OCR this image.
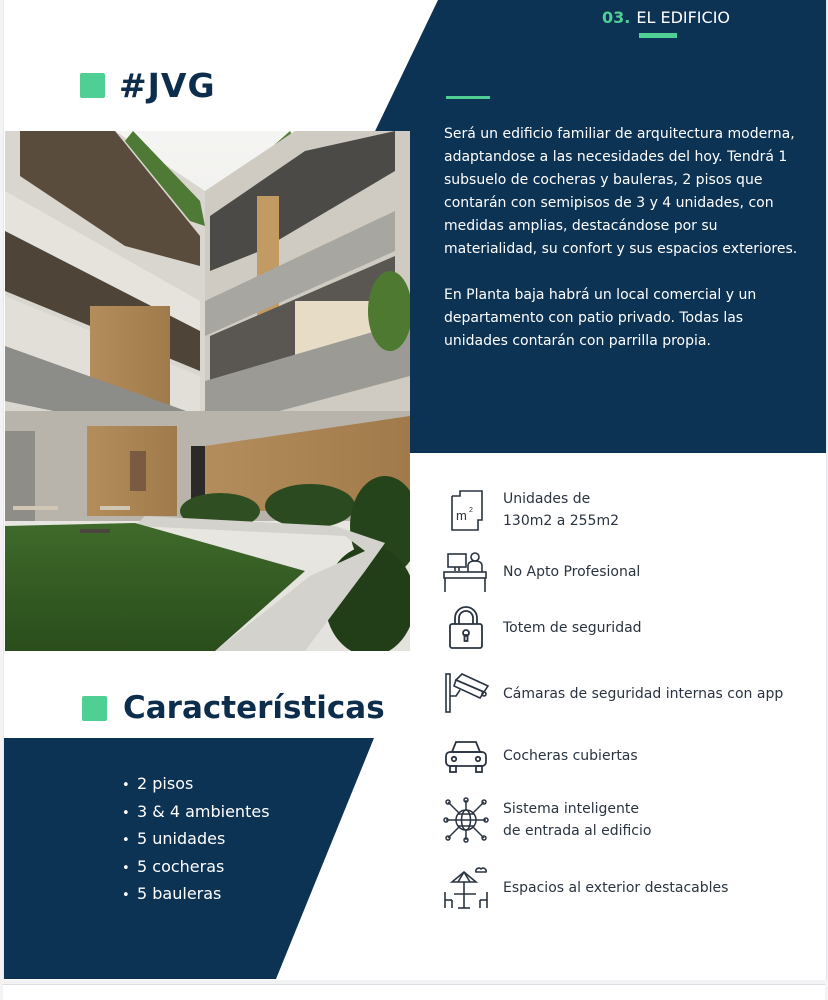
03. EL EDIFICIO
#JVG

Será un edificio familiar de arquitectura moderna, adaptandose a las necesidades del hoy. Tendrá 1 subsuelo de cocheras y bauleras, 2 pisos que contarán con semipisos de 3 y 4 unidades, con medidas amplias, destacándose por su materialidad, su confort y sus espacios exteriores.

En Planta baja habrá un local comercial y un departamento con patio privado. Todas las unidades contarán con parrilla propia.

m 2
Unidades de
130m2 a 255m2
No Apto Profesional
Totem de seguridad
Cámaras de seguridad internas con app
Cocheras cubiertas
Sistema inteligente
de entrada al edificio
Espacios al exterior destacables
Características
• 2 pisos
• 3 & 4 ambientes
• 5 unidades
• 5 cocheras
• 5 bauleras
